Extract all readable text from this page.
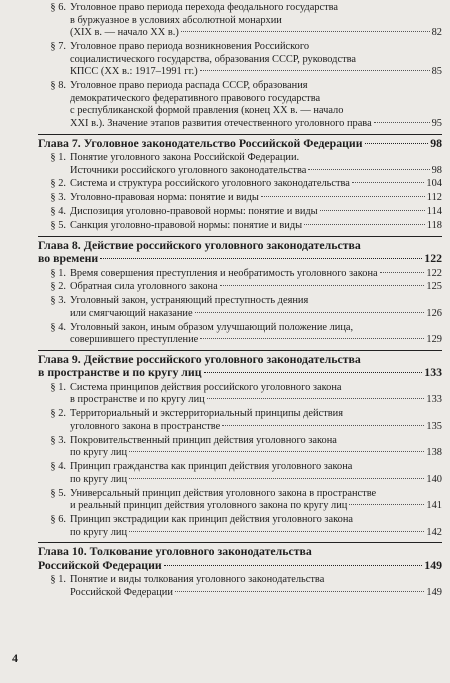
§ 6. Уголовное право периода перехода феодального государства
в буржуазное в условиях абсолютной монархии
(XIX в. — начало XX в.)	82
§ 7. Уголовное право периода возникновения Российского
социалистического государства, образования СССР, руководства
КПСС (XX в.: 1917–1991 гг.)	85
§ 8. Уголовное право периода распада СССР, образования
демократического федеративного правового государства
с республиканской формой правления (конец XX в. — начало
XXI в.). Значение этапов развития отечественного уголовного права	95
Глава 7. Уголовное законодательство Российской Федерации	98
§ 1. Понятие уголовного закона Российской Федерации.
Источники российского уголовного законодательства	98
§ 2. Система и структура российского уголовного законодательства	104
§ 3. Уголовно-правовая норма: понятие и виды	112
§ 4. Диспозиция уголовно-правовой нормы: понятие и виды	114
§ 5. Санкция уголовно-правовой нормы: понятие и виды	118
Глава 8. Действие российского уголовного законодательства
во времени	122
§ 1. Время совершения преступления и необратимость уголовного закона	122
§ 2. Обратная сила уголовного закона	125
§ 3. Уголовный закон, устраняющий преступность деяния
или смягчающий наказание	126
§ 4. Уголовный закон, иным образом улучшающий положение лица,
совершившего преступление	129
Глава 9. Действие российского уголовного законодательства
в пространстве и по кругу лиц	133
§ 1. Система принципов действия российского уголовного закона
в пространстве и по кругу лиц	133
§ 2. Территориальный и экстерриториальный принципы действия
уголовного закона в пространстве	135
§ 3. Покровительственный принцип действия уголовного закона
по кругу лиц	138
§ 4. Принцип гражданства как принцип действия уголовного закона
по кругу лиц	140
§ 5. Универсальный принцип действия уголовного закона в пространстве
и реальный принцип действия уголовного закона по кругу лиц	141
§ 6. Принцип экстрадиции как принцип действия уголовного закона
по кругу лиц	142
Глава 10. Толкование уголовного законодательства
Российской Федерации	149
§ 1. Понятие и виды толкования уголовного законодательства
Российской Федерации	149
4
